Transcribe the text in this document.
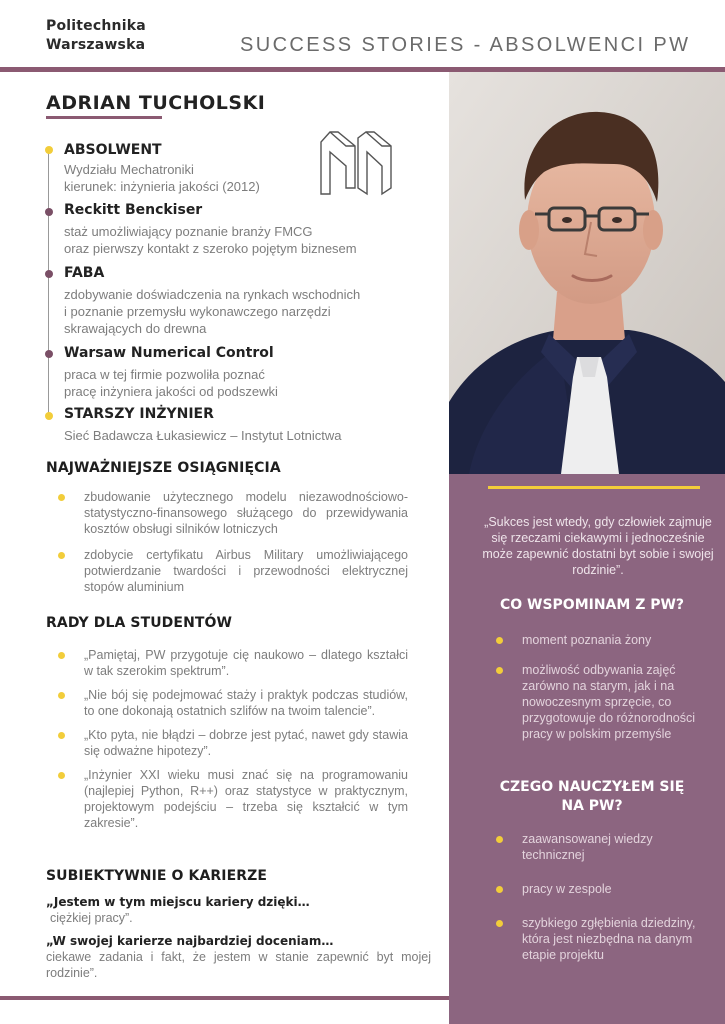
Politechnika
Warszawska	SUCCESS STORIES - ABSOLWENCI PW
ADRIAN TUCHOLSKI
ABSOLWENT
Wydziału Mechatroniki
kierunek: inżynieria jakości (2012)
Reckitt Benckiser
staż umożliwiający poznanie branży FMCG
oraz pierwszy kontakt z szeroko pojętym biznesem
FABA
zdobywanie doświadczenia na rynkach wschodnich
i poznanie przemysłu wykonawczego narzędzi
skrawających do drewna
Warsaw Numerical Control
praca w tej firmie pozwoliła poznać
pracę inżyniera jakości od podszewki
STARSZY INŻYNIER
Sieć Badawcza Łukasiewicz – Instytut Lotnictwa
NAJWAŻNIEJSZE OSIĄGNIĘCIA
zbudowanie użytecznego modelu niezawodnościowo-statystyczno-finansowego służącego do przewidywania kosztów obsługi silników lotniczych
zdobycie certyfikatu Airbus Military umożliwiającego potwierdzanie twardości i przewodności elektrycznej stopów aluminium
RADY DLA STUDENTÓW
„Pamiętaj, PW przygotuje cię naukowo – dlatego kształci w tak szerokim spektrum”.
„Nie bój się podejmować staży i praktyk podczas studiów, to one dokonają ostatnich szlifów na twoim talencie”.
„Kto pyta, nie błądzi – dobrze jest pytać, nawet gdy stawia się odważne hipotezy”.
„Inżynier XXI wieku musi znać się na programowaniu (najlepiej Python, R++) oraz statystyce w praktycznym, projektowym podejściu – trzeba się kształcić w tym zakresie”.
SUBIEKTYWNIE O KARIERZE
„Jestem w tym miejscu kariery dzięki…
ciężkiej pracy”.
„W swojej karierze najbardziej doceniam…
ciekawe zadania i fakt, że jestem w stanie zapewnić byt mojej rodzinie”.
„Sukces jest wtedy, gdy człowiek zajmuje się rzeczami ciekawymi i jednocześnie może zapewnić dostatni byt sobie i swojej rodzinie”.
CO WSPOMINAM Z PW?
moment poznania żony
możliwość odbywania zajęć zarówno na starym, jak i na nowoczesnym sprzęcie, co przygotowuje do różnorodności pracy w polskim przemyśle
CZEGO NAUCZYŁEM SIĘ
NA PW?
zaawansowanej wiedzy technicznej
pracy w zespole
szybkiego zgłębienia dziedziny, która jest niezbędna na danym etapie projektu
